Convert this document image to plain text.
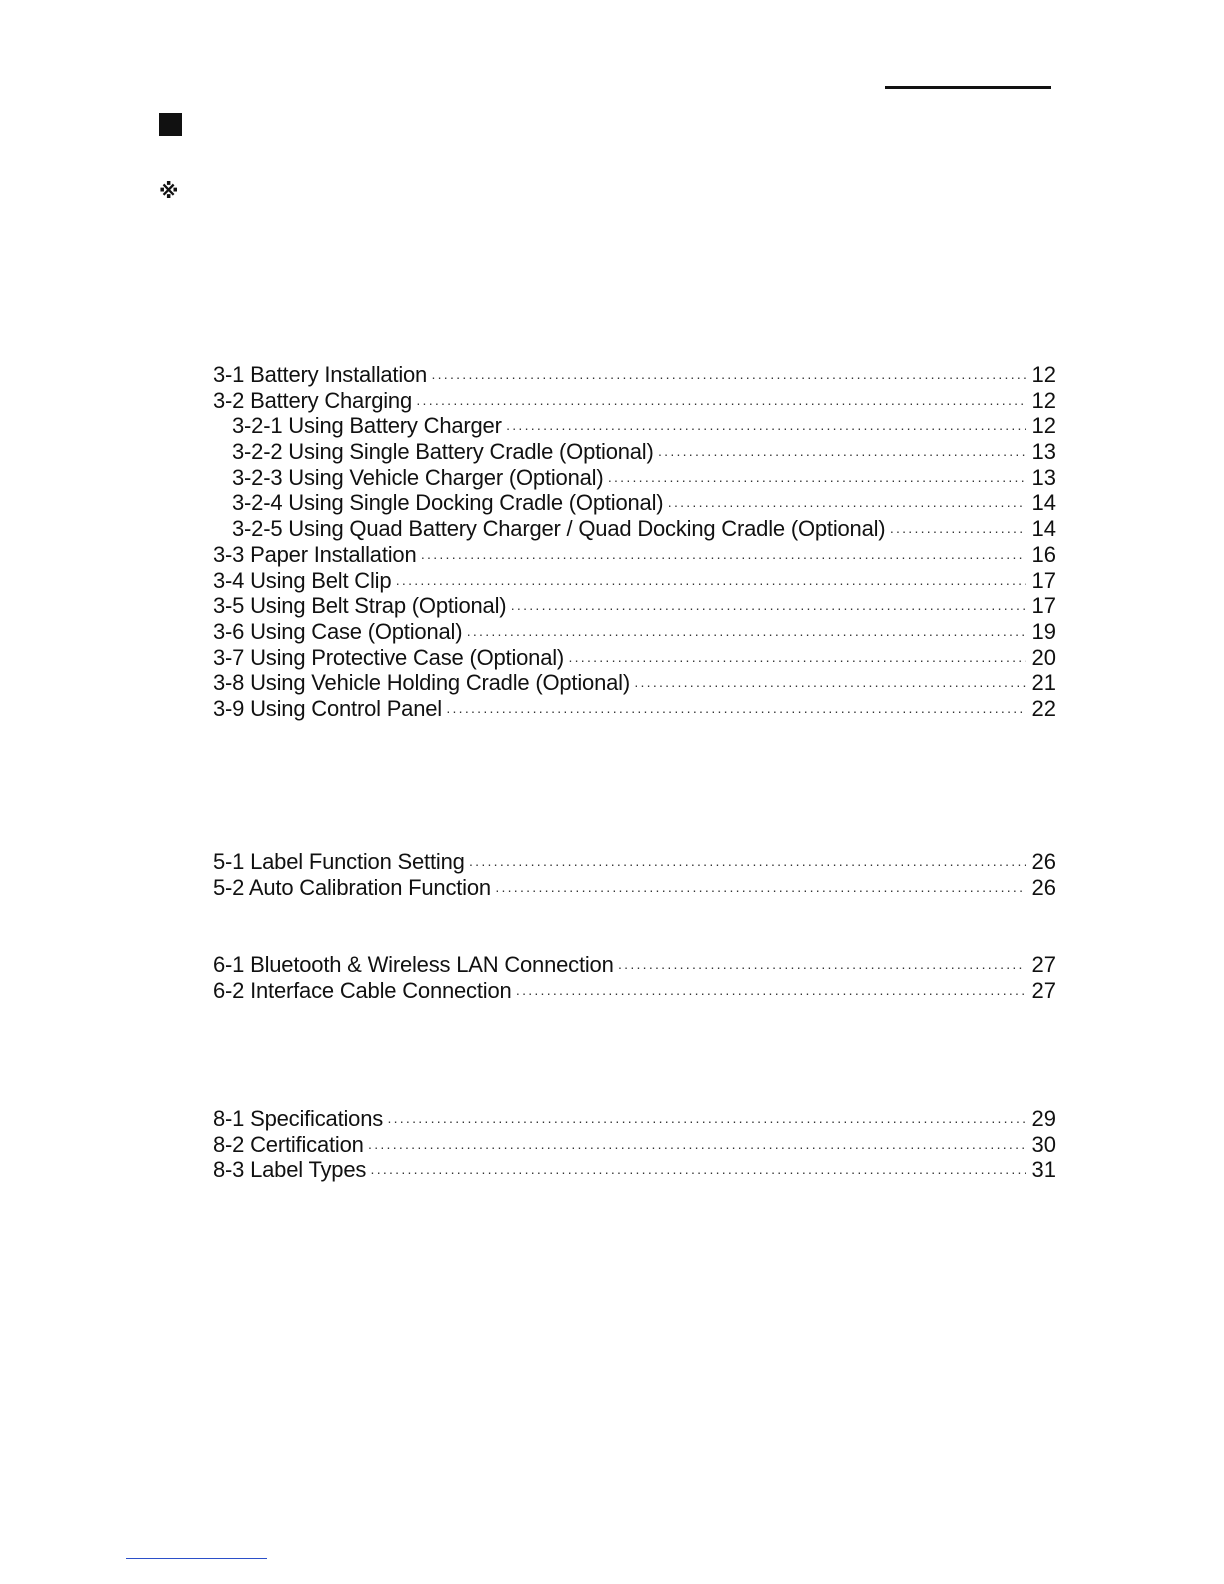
※
3-1 Battery Installation ·····	12
3-2 Battery Charging ·····	12
3-2-1 Using Battery Charger ·····	12
3-2-2 Using Single Battery Cradle (Optional) ·····	13
3-2-3 Using Vehicle Charger (Optional) ·····	13
3-2-4 Using Single Docking Cradle (Optional) ·····	14
3-2-5 Using Quad Battery Charger / Quad Docking Cradle (Optional) ·····	14
3-3 Paper Installation ·····	16
3-4 Using Belt Clip ·····	17
3-5 Using Belt Strap (Optional) ·····	17
3-6 Using Case (Optional) ·····	19
3-7 Using Protective Case (Optional) ·····	20
3-8 Using Vehicle Holding Cradle (Optional) ·····	21
3-9 Using Control Panel ·····	22
5-1 Label Function Setting ·····	26
5-2 Auto Calibration Function ·····	26
6-1 Bluetooth & Wireless LAN Connection ·····	27
6-2 Interface Cable Connection ·····	27
8-1 Specifications ·····	29
8-2 Certification ·····	30
8-3 Label Types ·····	31
